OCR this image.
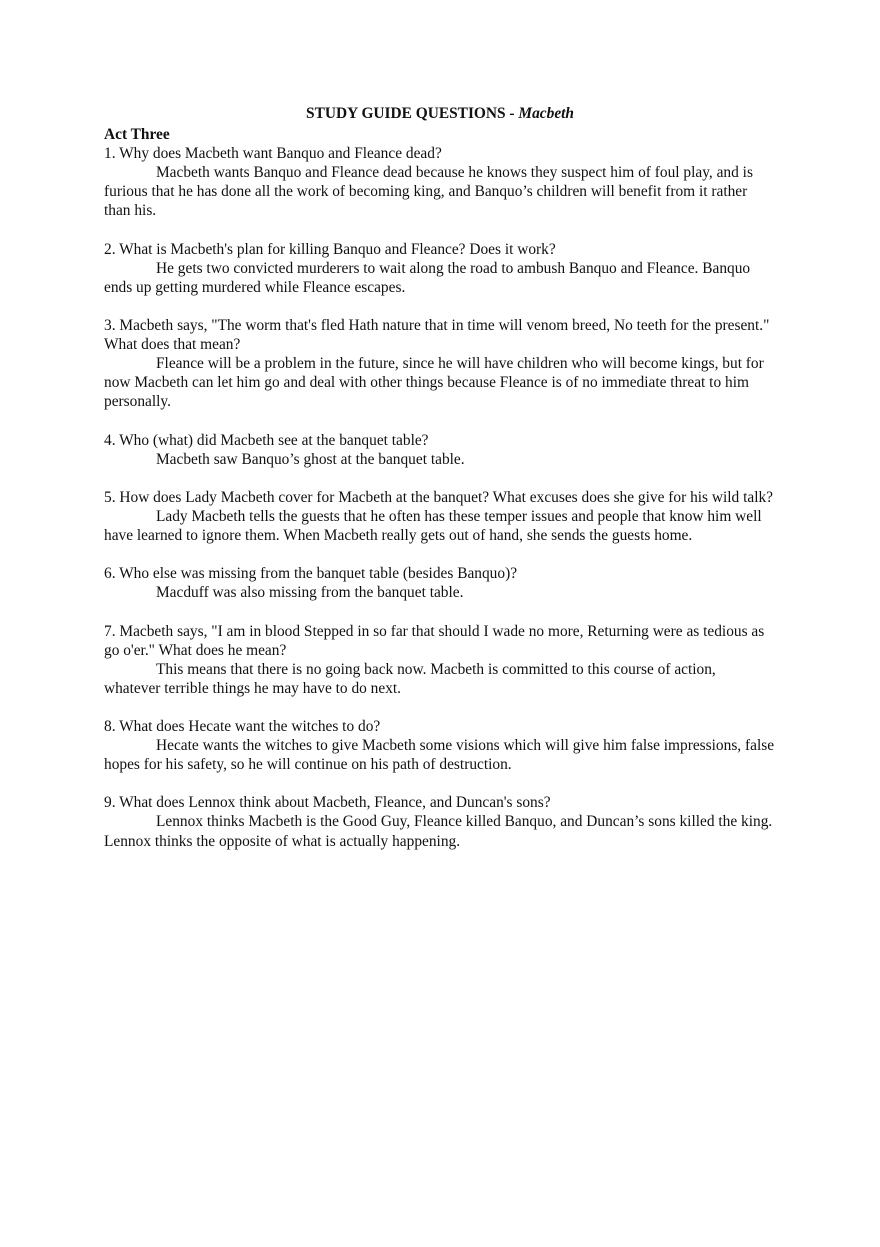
STUDY GUIDE QUESTIONS - Macbeth
Act Three

1. Why does Macbeth want Banquo and Fleance dead?

Macbeth wants Banquo and Fleance dead because he knows they suspect him of foul play, and is furious that he has done all the work of becoming king, and Banquo’s children will benefit from it rather than his.

2. What is Macbeth's plan for killing Banquo and Fleance? Does it work?

He gets two convicted murderers to wait along the road to ambush Banquo and Fleance. Banquo ends up getting murdered while Fleance escapes.

3. Macbeth says, "The worm that's fled Hath nature that in time will venom breed, No teeth for the present." What does that mean?

Fleance will be a problem in the future, since he will have children who will become kings, but for now Macbeth can let him go and deal with other things because Fleance is of no immediate threat to him personally.

4. Who (what) did Macbeth see at the banquet table?

Macbeth saw Banquo’s ghost at the banquet table.

5. How does Lady Macbeth cover for Macbeth at the banquet? What excuses does she give for his wild talk?

Lady Macbeth tells the guests that he often has these temper issues and people that know him well have learned to ignore them. When Macbeth really gets out of hand, she sends the guests home.

6. Who else was missing from the banquet table (besides Banquo)?

Macduff was also missing from the banquet table.

7. Macbeth says, "I am in blood Stepped in so far that should I wade no more, Returning were as tedious as go o'er." What does he mean?

This means that there is no going back now. Macbeth is committed to this course of action, whatever terrible things he may have to do next.

8. What does Hecate want the witches to do?

Hecate wants the witches to give Macbeth some visions which will give him false impressions, false hopes for his safety, so he will continue on his path of destruction.

9. What does Lennox think about Macbeth, Fleance, and Duncan's sons?

Lennox thinks Macbeth is the Good Guy, Fleance killed Banquo, and Duncan’s sons killed the king. Lennox thinks the opposite of what is actually happening.
